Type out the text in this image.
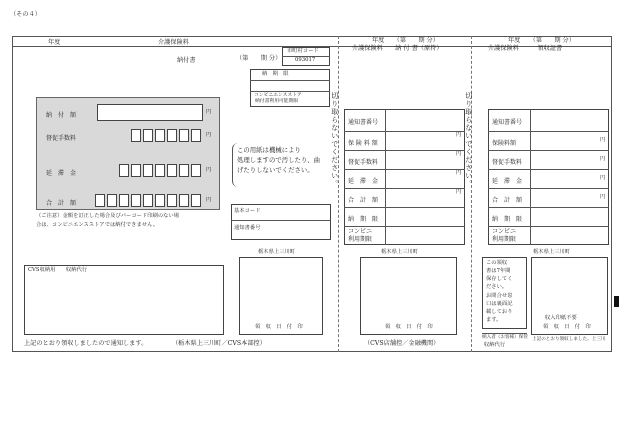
（その４）
年度	介護保険料
納付書	（第　　期 分）
市町村コード
093017
納　期　限
コンビニエンスストア
納付書利用可能期限
納　付　額	円
督促手数料	円
延　滞　金	円
合　計　額	円
この用紙は機械により
処理しますので汚したり、曲
げたりしないでください。
（ご注意）金額を訂正した場合及びバーコード印刷のない場
合は、コンビニエンスストアでは納付できません。
基本コード
通知書番号
CVS収納用　　収納代行
栃木県上三川町
領　収　日　付　印
上記のとおり領収しましたので通知します。	（栃木県上三川町／CVS本部控）
切り取らないでください。
年度　　（第　　期 分）
介護保険料　　納 付 書（原符）
通知書番号
保 険 料 額
円
督促手数料
円
延　滞　金
円
合　計　額
円
納　期　限
コンビニ
利用期限
栃木県上三川町
領　収　日　付　印
（CVS店舗控／金融機関）
切り取らないでください。
年度　　（第　　期 分）
介護保険料　　　領収証書
通知書番号
保険料額	円
督促手数料	円
延　滞　金	円
合　計　額	円
納　期　限
コンビニ
利用期限
この領収
書は7年間
保存してく
ださい。
お問合せ窓
口は裏面記
載しており
ます。
栃木県上三川町
収入印紙不要
領　収　日　付　印
納入者（お客様）保管
収納代行
上記のとおり領収しました。上三川
